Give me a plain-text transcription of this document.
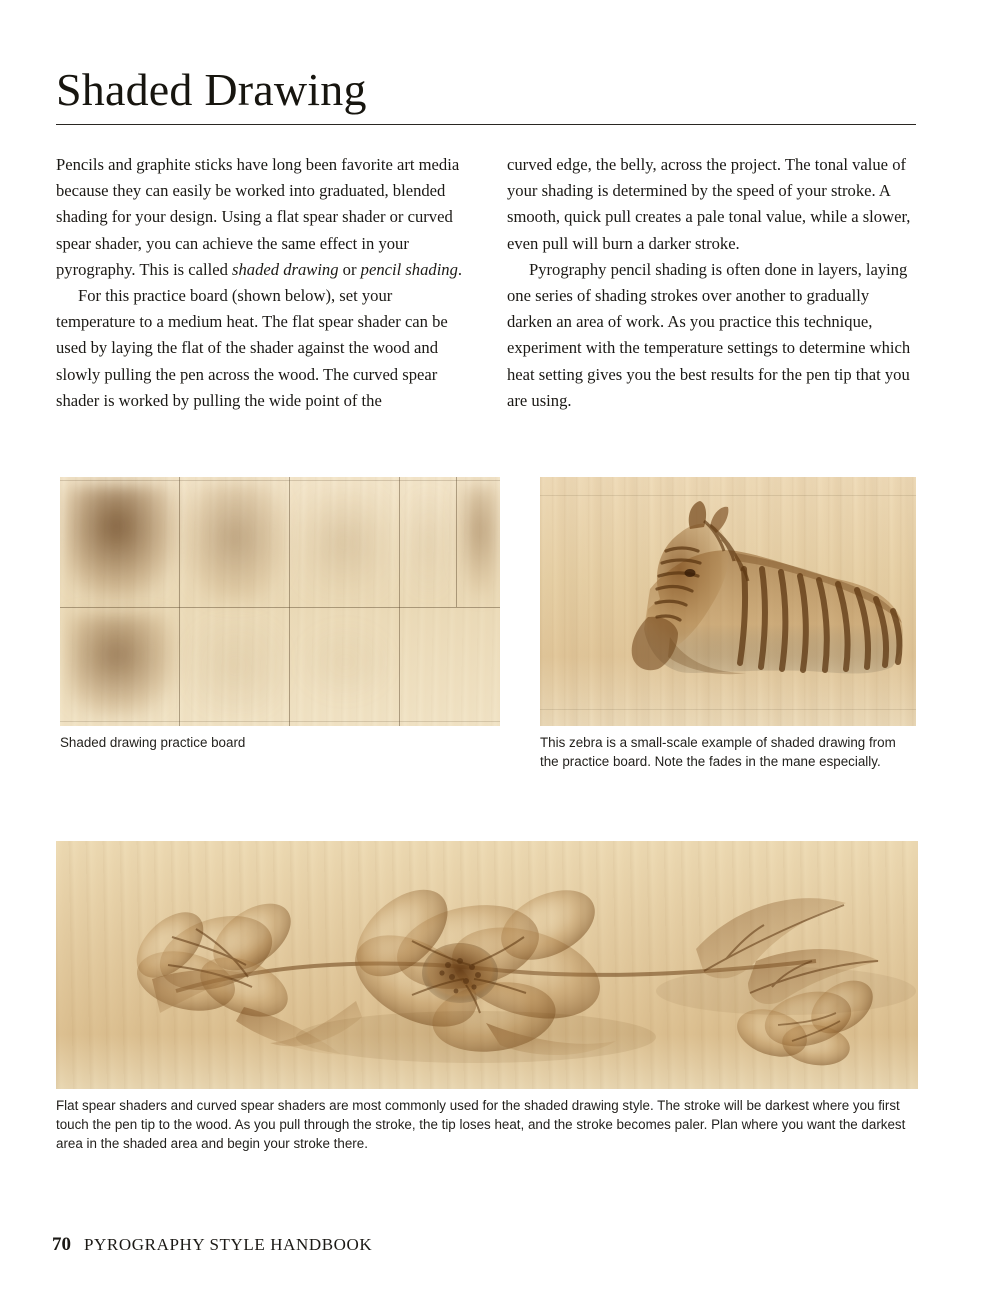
Shaded Drawing

Pencils and graphite sticks have long been favorite art media because they can easily be worked into graduated, blended shading for your design. Using a flat spear shader or curved spear shader, you can achieve the same effect in your pyrography. This is called shaded drawing or pencil shading.

For this practice board (shown below), set your temperature to a medium heat. The flat spear shader can be used by laying the flat of the shader against the wood and slowly pulling the pen across the wood. The curved spear shader is worked by pulling the wide point of the

curved edge, the belly, across the project. The tonal value of your shading is determined by the speed of your stroke. A smooth, quick pull creates a pale tonal value, while a slower, even pull will burn a darker stroke.

Pyrography pencil shading is often done in layers, laying one series of shading strokes over another to gradually darken an area of work. As you practice this technique, experiment with the temperature settings to determine which heat setting gives you the best results for the pen tip that you are using.

Shaded drawing practice board	This zebra is a small-scale example of shaded drawing from the practice board. Note the fades in the mane especially.
Flat spear shaders and curved spear shaders are most commonly used for the shaded drawing style. The stroke will be darkest where you first touch the pen tip to the wood. As you pull through the stroke, the tip loses heat, and the stroke becomes paler. Plan where you want the darkest area in the shaded area and begin your stroke there.
70 PYROGRAPHY STYLE HANDBOOK
